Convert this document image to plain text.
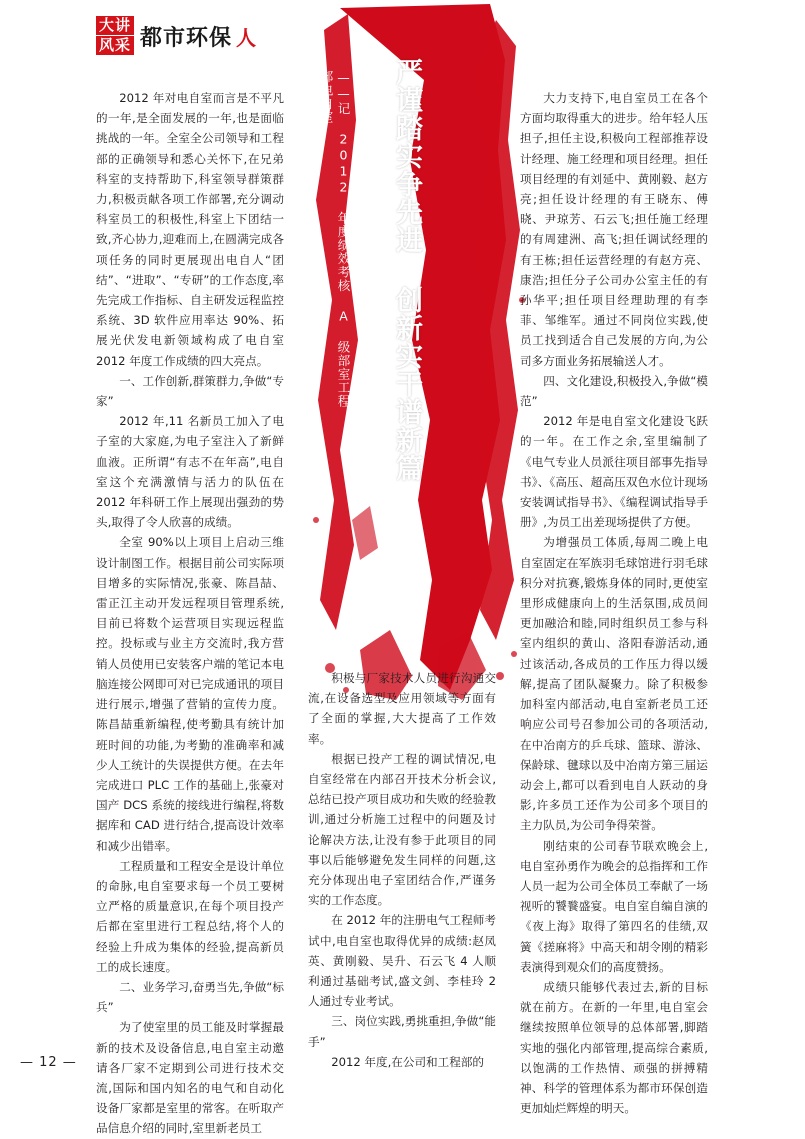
大讲
风采 都市环保 人
严谨踏实争先进 创新实干谱新篇
——记 2012 年度绩效考核 A 级部室工程部电自室

2012 年对电自室而言是不平凡的一年,是全面发展的一年,也是面临挑战的一年。全室全公司领导和工程部的正确领导和悉心关怀下,在兄弟科室的支持帮助下,科室领导群策群力,积极贡献各项工作部署,充分调动科室员工的积极性,科室上下团结一致,齐心协力,迎难而上,在圆满完成各项任务的同时更展现出电自人“团结”、“进取”、“专研”的工作态度,率先完成工作指标、自主研发远程监控系统、3D 软件应用率达 90%、拓展光伏发电新领域构成了电自室 2012 年度工作成绩的四大亮点。

一、工作创新,群策群力,争做“专家”

2012 年,11 名新员工加入了电子室的大家庭,为电子室注入了新鲜血液。正所谓“有志不在年高”,电自室这个充满激情与活力的队伍在 2012 年科研工作上展现出强劲的势头,取得了令人欣喜的成绩。

全室 90%以上项目上启动三维设计制图工作。根据目前公司实际项目增多的实际情况,张豪、陈昌喆、雷正江主动开发远程项目管理系统,目前已将数个运营项目实现远程监控。投标或与业主方交流时,我方营销人员使用已安装客户端的笔记本电脑连接公网即可对已完成通讯的项目进行展示,增强了营销的宣传力度。陈昌喆重新编程,使考勤具有统计加班时间的功能,为考勤的准确率和减少人工统计的失误提供方便。在去年完成进口 PLC 工作的基础上,张豪对国产 DCS 系统的接线进行编程,将数据库和 CAD 进行结合,提高设计效率和减少出错率。

工程质量和工程安全是设计单位的命脉,电自室要求每一个员工要树立严格的质量意识,在每个项目投产后都在室里进行工程总结,将个人的经验上升成为集体的经验,提高新员工的成长速度。

二、业务学习,奋勇当先,争做“标兵”

为了使室里的员工能及时掌握最新的技术及设备信息,电自室主动邀请各厂家不定期到公司进行技术交流,国际和国内知名的电气和自动化设备厂家都是室里的常客。在听取产品信息介绍的同时,室里新老员工

积极与厂家技术人员进行沟通交流,在设备选型及应用领域等方面有了全面的掌握,大大提高了工作效率。

根据已投产工程的调试情况,电自室经常在内部召开技术分析会议,总结已投产项目成功和失败的经验教训,通过分析施工过程中的问题及讨论解决方法,让没有参于此项目的同事以后能够避免发生同样的问题,这充分体现出电子室团结合作,严谨务实的工作态度。

在 2012 年的注册电气工程师考试中,电自室也取得优异的成绩:赵凤英、黄刚毅、吴升、石云飞 4 人顺利通过基础考试,盛文剑、李桂玲 2 人通过专业考试。

三、岗位实践,勇挑重担,争做“能手”

2012 年度,在公司和工程部的

大力支持下,电自室员工在各个方面均取得重大的进步。给年轻人压担子,担任主设,积极向工程部推荐设计经理、施工经理和项目经理。担任项目经理的有刘延中、黄刚毅、赵方亮;担任设计经理的有王晓东、傅晓、尹琼芳、石云飞;担任施工经理的有周建洲、高飞;担任调试经理的有王栋;担任运营经理的有赵方亮、康浩;担任分子公司办公室主任的有孙华平;担任项目经理助理的有李菲、邹维军。通过不同岗位实践,使员工找到适合自己发展的方向,为公司多方面业务拓展输送人才。

四、文化建设,积极投入,争做“模范”

2012 年是电自室文化建设飞跃的一年。在工作之余,室里编制了《电气专业人员派往项目部事先指导书》、《高压、超高压双色水位计现场安装调试指导书》、《编程调试指导手册》,为员工出差现场提供了方便。

为增强员工体质,每周二晚上电自室固定在军族羽毛球馆进行羽毛球积分对抗赛,锻炼身体的同时,更使室里形成健康向上的生活氛围,成员间更加融洽和睦,同时组织员工参与科室内组织的黄山、洛阳春游活动,通过该活动,各成员的工作压力得以缓解,提高了团队凝聚力。除了积极参加科室内部活动,电自室新老员工还响应公司号召参加公司的各项活动,在中冶南方的乒乓球、篮球、游泳、保龄球、毽球以及中冶南方第三届运动会上,都可以看到电自人跃动的身影,许多员工还作为公司多个项目的主力队员,为公司争得荣誉。

刚结束的公司春节联欢晚会上,电自室孙勇作为晚会的总指挥和工作人员一起为公司全体员工奉献了一场视听的饕餮盛宴。电自室自编自演的《夜上海》取得了第四名的佳绩,双簧《搓麻将》中高天和胡令刚的精彩表演得到观众们的高度赞扬。

成绩只能够代表过去,新的目标就在前方。在新的一年里,电自室会继续按照单位领导的总体部署,脚踏实地的强化内部管理,提高综合素质,以饱满的工作热情、顽强的拼搏精神、科学的管理体系为都市环保创造更加灿烂辉煌的明天。

— 12 —
